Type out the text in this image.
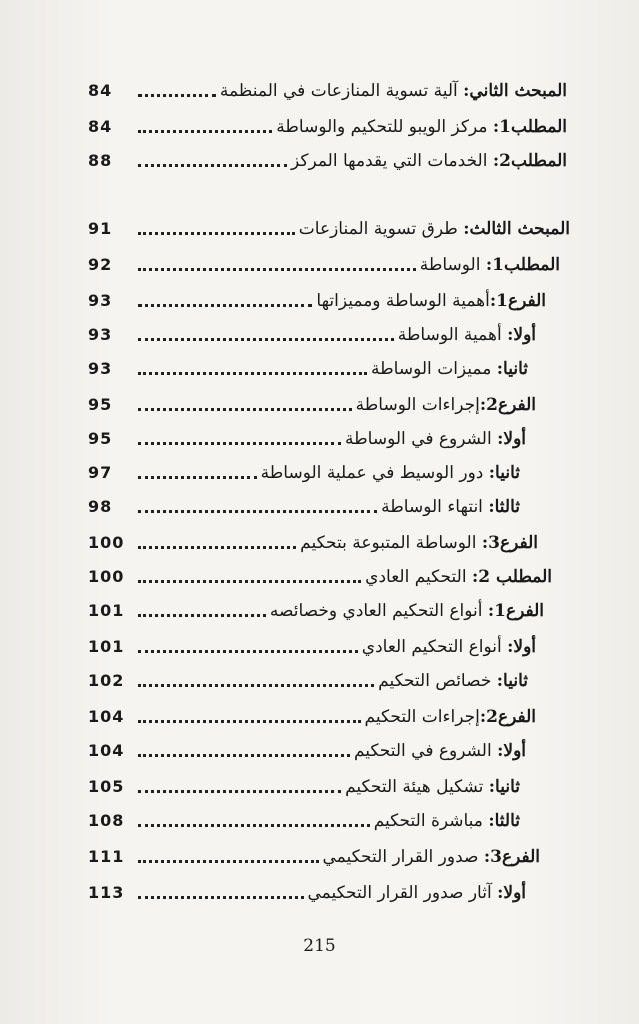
المبحث الثاني: آلية تسوية المنازعات في المنظمة
84
المطلب1: مركز الويبو للتحكيم والوساطة
84
المطلب2: الخدمات التي يقدمها المركز
88
المبحث الثالث: طرق تسوية المنازعات
91
المطلب1: الوساطة
92
الفرع1:أهمية الوساطة ومميزاتها
93
أولا: أهمية الوساطة
93
ثانيا: مميزات الوساطة
93
الفرع2:إجراءات الوساطة
95
أولا: الشروع في الوساطة
95
ثانيا: دور الوسيط في عملية الوساطة
97
ثالثا: انتهاء الوساطة
98
الفرع3: الوساطة المتبوعة بتحكيم
100
المطلب 2: التحكيم العادي
100
الفرع1: أنواع التحكيم العادي وخصائصه
101
أولا: أنواع التحكيم العادي
101
ثانيا: خصائص التحكيم
102
الفرع2:إجراءات التحكيم
104
أولا: الشروع في التحكيم
104
ثانيا: تشكيل هيئة التحكيم
105
ثالثا: مباشرة التحكيم
108
الفرع3: صدور القرار التحكيمي
111
أولا: آثار صدور القرار التحكيمي
113
215
